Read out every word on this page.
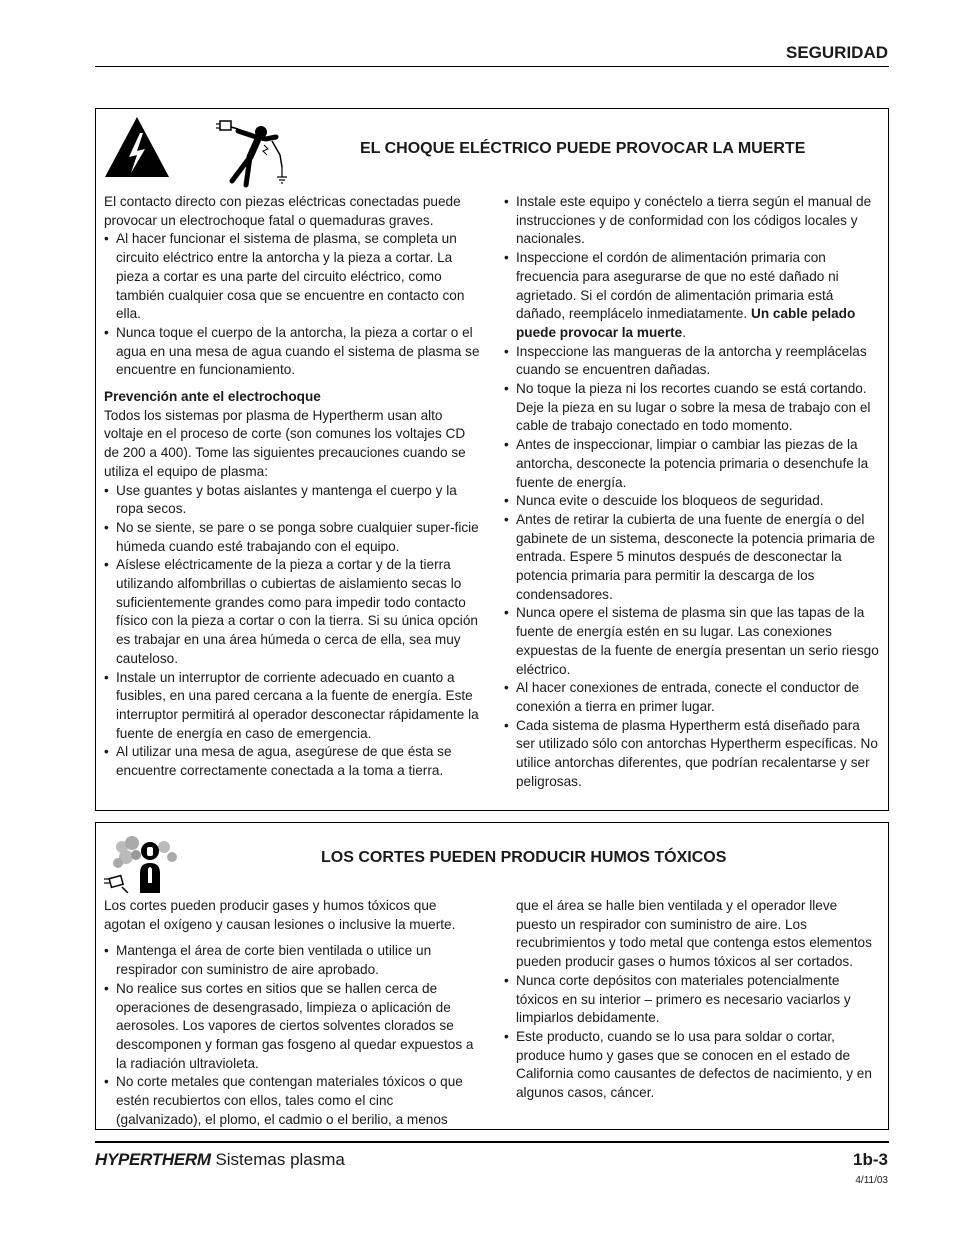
SEGURIDAD
EL CHOQUE ELÉCTRICO PUEDE PROVOCAR LA MUERTE

El contacto directo con piezas eléctricas conectadas puede provocar un electrochoque fatal o quemaduras graves.

• Al hacer funcionar el sistema de plasma, se completa un circuito eléctrico entre la antorcha y la pieza a cortar. La pieza a cortar es una parte del circuito eléctrico, como también cualquier cosa que se encuentre en contacto con ella.
• Nunca toque el cuerpo de la antorcha, la pieza a cortar o el agua en una mesa de agua cuando el sistema de plasma se encuentre en funcionamiento.

Prevención ante el electrochoque

Todos los sistemas por plasma de Hypertherm usan alto voltaje en el proceso de corte (son comunes los voltajes CD de 200 a 400). Tome las siguientes precauciones cuando se utiliza el equipo de plasma:

• Use guantes y botas aislantes y mantenga el cuerpo y la ropa secos.
• No se siente, se pare o se ponga sobre cualquier super-ficie húmeda cuando esté trabajando con el equipo.
• Aíslese eléctricamente de la pieza a cortar y de la tierra utilizando alfombrillas o cubiertas de aislamiento secas lo suficientemente grandes como para impedir todo contacto físico con la pieza a cortar o con la tierra. Si su única opción es trabajar en una área húmeda o cerca de ella, sea muy cauteloso.
• Instale un interruptor de corriente adecuado en cuanto a fusibles, en una pared cercana a la fuente de energía. Este interruptor permitirá al operador desconectar rápidamente la fuente de energía en caso de emergencia.
• Al utilizar una mesa de agua, asegúrese de que ésta se encuentre correctamente conectada a la toma a tierra.
• Instale este equipo y conéctelo a tierra según el manual de instrucciones y de conformidad con los códigos locales y nacionales.
• Inspeccione el cordón de alimentación primaria con frecuencia para asegurarse de que no esté dañado ni agrietado. Si el cordón de alimentación primaria está dañado, reemplácelo inmediatamente. Un cable pelado puede provocar la muerte.
• Inspeccione las mangueras de la antorcha y reemplácelas cuando se encuentren dañadas.
• No toque la pieza ni los recortes cuando se está cortando. Deje la pieza en su lugar o sobre la mesa de trabajo con el cable de trabajo conectado en todo momento.
• Antes de inspeccionar, limpiar o cambiar las piezas de la antorcha, desconecte la potencia primaria o desenchufe la fuente de energía.
• Nunca evite o descuide los bloqueos de seguridad.
• Antes de retirar la cubierta de una fuente de energía o del gabinete de un sistema, desconecte la potencia primaria de entrada. Espere 5 minutos después de desconectar la potencia primaria para permitir la descarga de los condensadores.
• Nunca opere el sistema de plasma sin que las tapas de la fuente de energía estén en su lugar. Las conexiones expuestas de la fuente de energía presentan un serio riesgo eléctrico.
• Al hacer conexiones de entrada, conecte el conductor de conexión a tierra en primer lugar.
• Cada sistema de plasma Hypertherm está diseñado para ser utilizado sólo con antorchas Hypertherm específicas. No utilice antorchas diferentes, que podrían recalentarse y ser peligrosas.
LOS CORTES PUEDEN PRODUCIR HUMOS TÓXICOS

Los cortes pueden producir gases y humos tóxicos que agotan el oxígeno y causan lesiones o inclusive la muerte.

• Mantenga el área de corte bien ventilada o utilice un respirador con suministro de aire aprobado.
• No realice sus cortes en sitios que se hallen cerca de operaciones de desengrasado, limpieza o aplicación de aerosoles. Los vapores de ciertos solventes clorados se descomponen y forman gas fosgeno al quedar expuestos a la radiación ultravioleta.
• No corte metales que contengan materiales tóxicos o que estén recubiertos con ellos, tales como el cinc (galvanizado), el plomo, el cadmio o el berilio, a menos

que el área se halle bien ventilada y el operador lleve puesto un respirador con suministro de aire. Los recubrimientos y todo metal que contenga estos elementos pueden producir gases o humos tóxicos al ser cortados.

• Nunca corte depósitos con materiales potencialmente tóxicos en su interior – primero es necesario vaciarlos y limpiarlos debidamente.
• Este producto, cuando se lo usa para soldar o cortar, produce humo y gases que se conocen en el estado de California como causantes de defectos de nacimiento, y en algunos casos, cáncer.
HYPERTHERM Sistemas plasma	1b-3
4/11/03
